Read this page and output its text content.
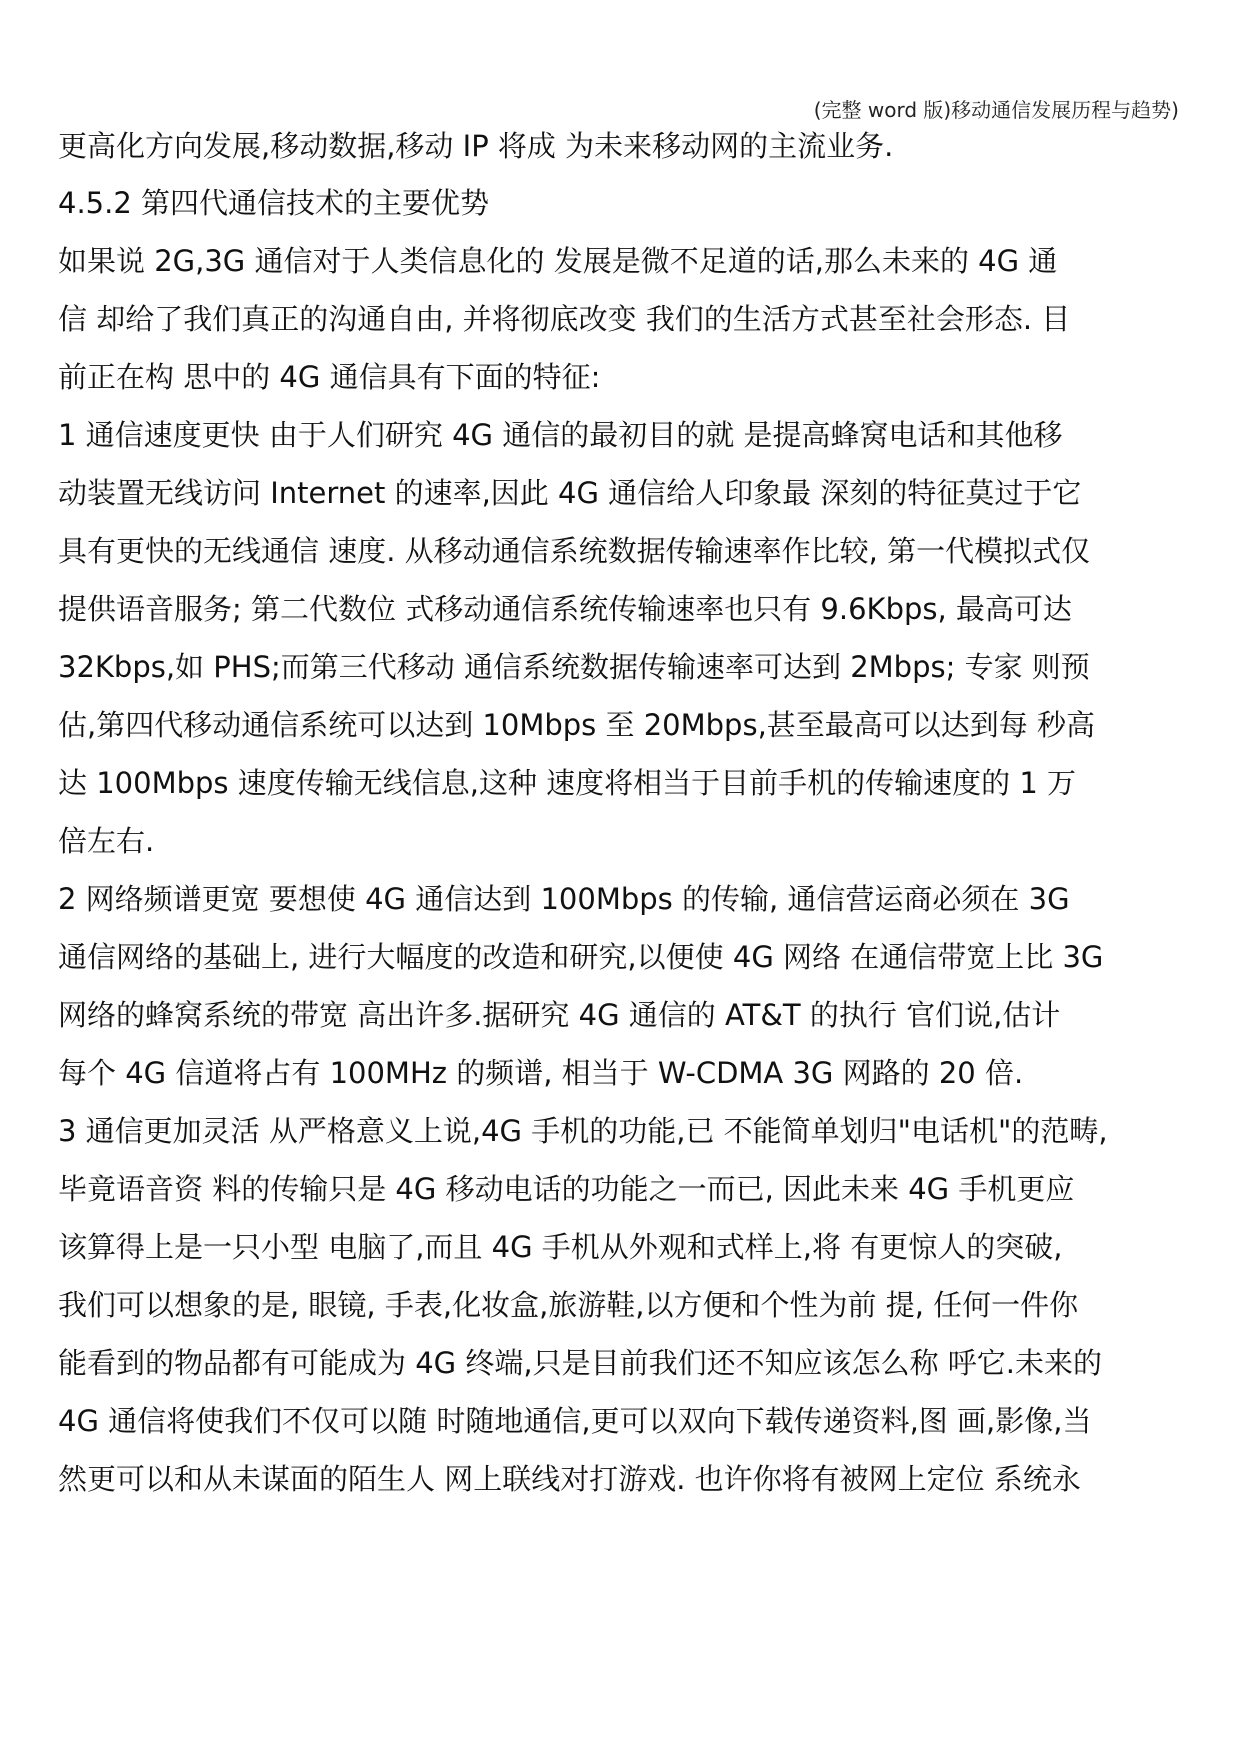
(完整 word 版)移动通信发展历程与趋势)
更高化方向发展,移动数据,移动 IP 将成 为未来移动网的主流业务.
4.5.2 第四代通信技术的主要优势
如果说 2G,3G 通信对于人类信息化的 发展是微不足道的话,那么未来的 4G 通
信 却给了我们真正的沟通自由, 并将彻底改变 我们的生活方式甚至社会形态. 目
前正在构 思中的 4G 通信具有下面的特征:
1 通信速度更快 由于人们研究 4G 通信的最初目的就 是提高蜂窝电话和其他移
动装置无线访问 Internet 的速率,因此 4G 通信给人印象最 深刻的特征莫过于它
具有更快的无线通信 速度. 从移动通信系统数据传输速率作比较, 第一代模拟式仅
提供语音服务; 第二代数位 式移动通信系统传输速率也只有 9.6Kbps, 最高可达
32Kbps,如 PHS;而第三代移动 通信系统数据传输速率可达到 2Mbps; 专家 则预
估,第四代移动通信系统可以达到 10Mbps 至 20Mbps,甚至最高可以达到每 秒高
达 100Mbps 速度传输无线信息,这种 速度将相当于目前手机的传输速度的 1 万
倍左右.
2 网络频谱更宽 要想使 4G 通信达到 100Mbps 的传输, 通信营运商必须在 3G
通信网络的基础上, 进行大幅度的改造和研究,以便使 4G 网络 在通信带宽上比 3G
网络的蜂窝系统的带宽 高出许多.据研究 4G 通信的 AT&T 的执行 官们说,估计
每个 4G 信道将占有 100MHz 的频谱, 相当于 W-CDMA 3G 网路的 20 倍.
3 通信更加灵活 从严格意义上说,4G 手机的功能,已 不能简单划归"电话机"的范畴,
毕竟语音资 料的传输只是 4G 移动电话的功能之一而已, 因此未来 4G 手机更应
该算得上是一只小型 电脑了,而且 4G 手机从外观和式样上,将 有更惊人的突破,
我们可以想象的是, 眼镜, 手表,化妆盒,旅游鞋,以方便和个性为前 提, 任何一件你
能看到的物品都有可能成为 4G 终端,只是目前我们还不知应该怎么称 呼它.未来的
4G 通信将使我们不仅可以随 时随地通信,更可以双向下载传递资料,图 画,影像,当
然更可以和从未谋面的陌生人 网上联线对打游戏. 也许你将有被网上定位 系统永
